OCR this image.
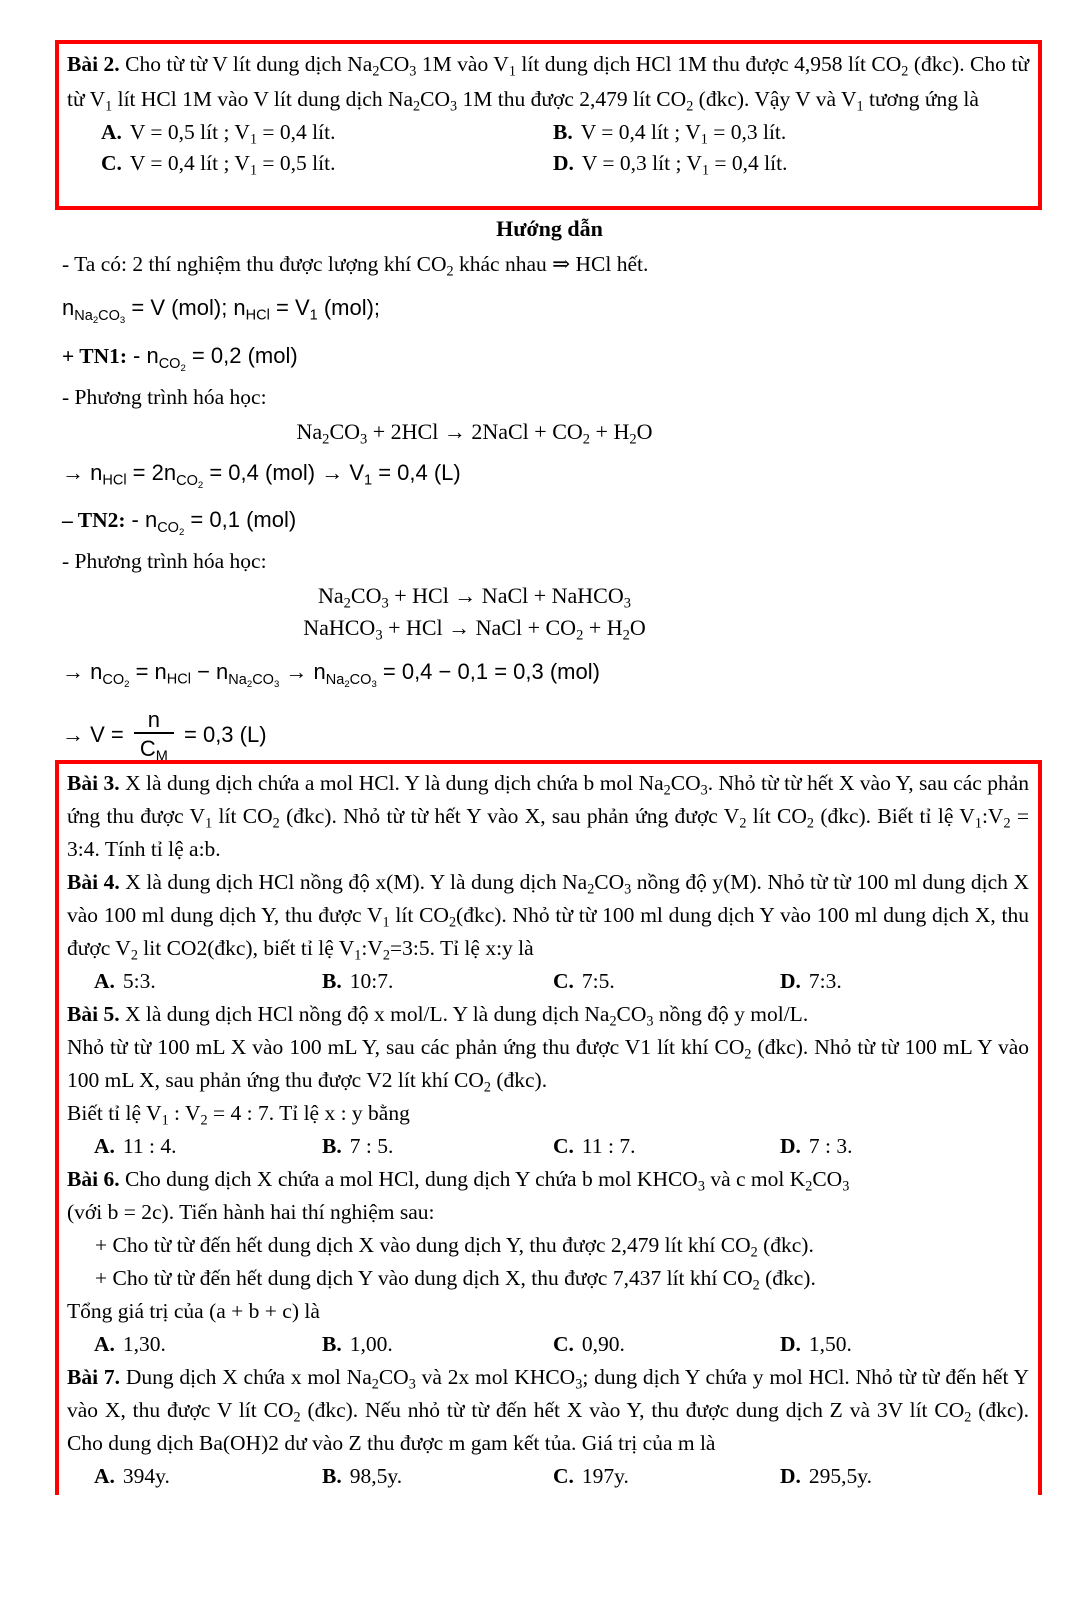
Bài 2. Cho từ từ V lít dung dịch $Na_2CO_3$ 1M vào $V_1$ lít dung dịch HCl 1M thu được 4,958 lít $CO_2$ (đkc). Cho từ từ $V_1$ lít HCl 1M vào V lít dung dịch $Na_2CO_3$ 1M thu được 2,479 lít $CO_2$ (đkc). Vậy V và $V_1$ tương ứng là

A. V = 0,5 lít ; $V_1 = 0,4$ lít.	B. V = 0,4 lít ; $V_1 = 0,3$ lít.
C. V = 0,4 lít ; $V_1 = 0,5$ lít.	D. V = 0,3 lít ; $V_1 = 0,4$ lít.
Hướng dẫn
- Ta có: 2 thí nghiệm thu được lượng khí $CO_2$ khác nhau ⇒ HCl hết.
$n_{Na_2CO_3} = V$ (mol); $n_{HCl} = V_1$ (mol);
+ TN1: - $n_{CO_2} = 0,2$ (mol)
- Phương trình hóa học:
$Na_2CO_3 + 2HCl$ → 2NaCl + $CO_2 + H_2O$
→ $n_{HCl} = 2n_{CO_2} = 0,4$ $(mol) \to V_1 = 0,4$ (L)
– TN2: - $n_{CO_2} = 0,1$ (mol)
- Phương trình hóa học:
$Na_2CO_3$ + HCl → NaCl + NaHCO$_3$
NaHCO$_3$ + HCl → NaCl + $CO_2 + H_2O$
→ $n_{CO_2} = n_{HCl} - n_{Na_2CO_3} \to n_{Na_2CO_3} = 0,4 - 0,1 = 0,3$ (mol)
→ $V = \frac{n}{C_M} = 0,3$ (L)

Bài 3. X là dung dịch chứa a mol HCl. Y là dung dịch chứa b mol $Na_2CO_3$. Nhỏ từ từ hết X vào Y, sau các phản ứng thu được $V_1$ lít $CO_2$ (đkc). Nhỏ từ từ hết Y vào X, sau phản ứng được $V_2$ lít $CO_2$ (đkc). Biết tỉ lệ $V_1:V_2$ = 3:4. Tính tỉ lệ a:b.

Bài 4. X là dung dịch HCl nồng độ x(M). Y là dung dịch $Na_2CO_3$ nồng độ y(M). Nhỏ từ từ 100 ml dung dịch X vào 100 ml dung dịch Y, thu được $V_1$ lít $CO_2(đkc)$. Nhỏ từ từ 100 ml dung dịch Y vào 100 ml dung dịch X, thu được $V_2$ lit CO2(đkc), biết tỉ lệ $V_1:V_2=3:5$. Tỉ lệ x:y là

A. 5:3.	B. 10:7.	C. 7:5.	D. 7:3.

Bài 5. X là dung dịch HCl nồng độ x mol/L. Y là dung dịch $Na_2CO_3$ nồng độ y mol/L.

Nhỏ từ từ 100 mL X vào 100 mL Y, sau các phản ứng thu được V1 lít khí $CO_2$ (đkc). Nhỏ từ từ 100 mL Y vào 100 mL X, sau phản ứng thu được V2 lít khí $CO_2$ (đkc).

Biết tỉ lệ $V_1$ : $V_2 = 4$ : 7. Tỉ lệ x : y bằng

A. 11 : 4.	B. 7 : 5.	C. 11 : 7.	D. 7 : 3.

Bài 6. Cho dung dịch X chứa a mol HCl, dung dịch Y chứa b mol $KHCO_3$ và c mol $K_2CO_3$

(với b = 2c). Tiến hành hai thí nghiệm sau:

+ Cho từ từ đến hết dung dịch X vào dung dịch Y, thu được 2,479 lít khí $CO_2$ (đkc).

+ Cho từ từ đến hết dung dịch Y vào dung dịch X, thu được 7,437 lít khí $CO_2$ (đkc).

Tổng giá trị của (a + b + c) là

A. 1,30.	B. 1,00.	C. 0,90.	D. 1,50.

Bài 7. Dung dịch X chứa x mol $Na_2CO_3$ và 2x mol $KHCO_3$; dung dịch Y chứa y mol HCl. Nhỏ từ từ đến hết Y vào X, thu được V lít $CO_2$ (đkc). Nếu nhỏ từ từ đến hết X vào Y, thu được dung dịch Z và 3V lít $CO_2$ (đkc). Cho dung dịch Ba(OH)2 dư vào Z thu được m gam kết tủa. Giá trị của m là

A. 394y.	B. 98,5y.	C. 197y.	D. 295,5y.
